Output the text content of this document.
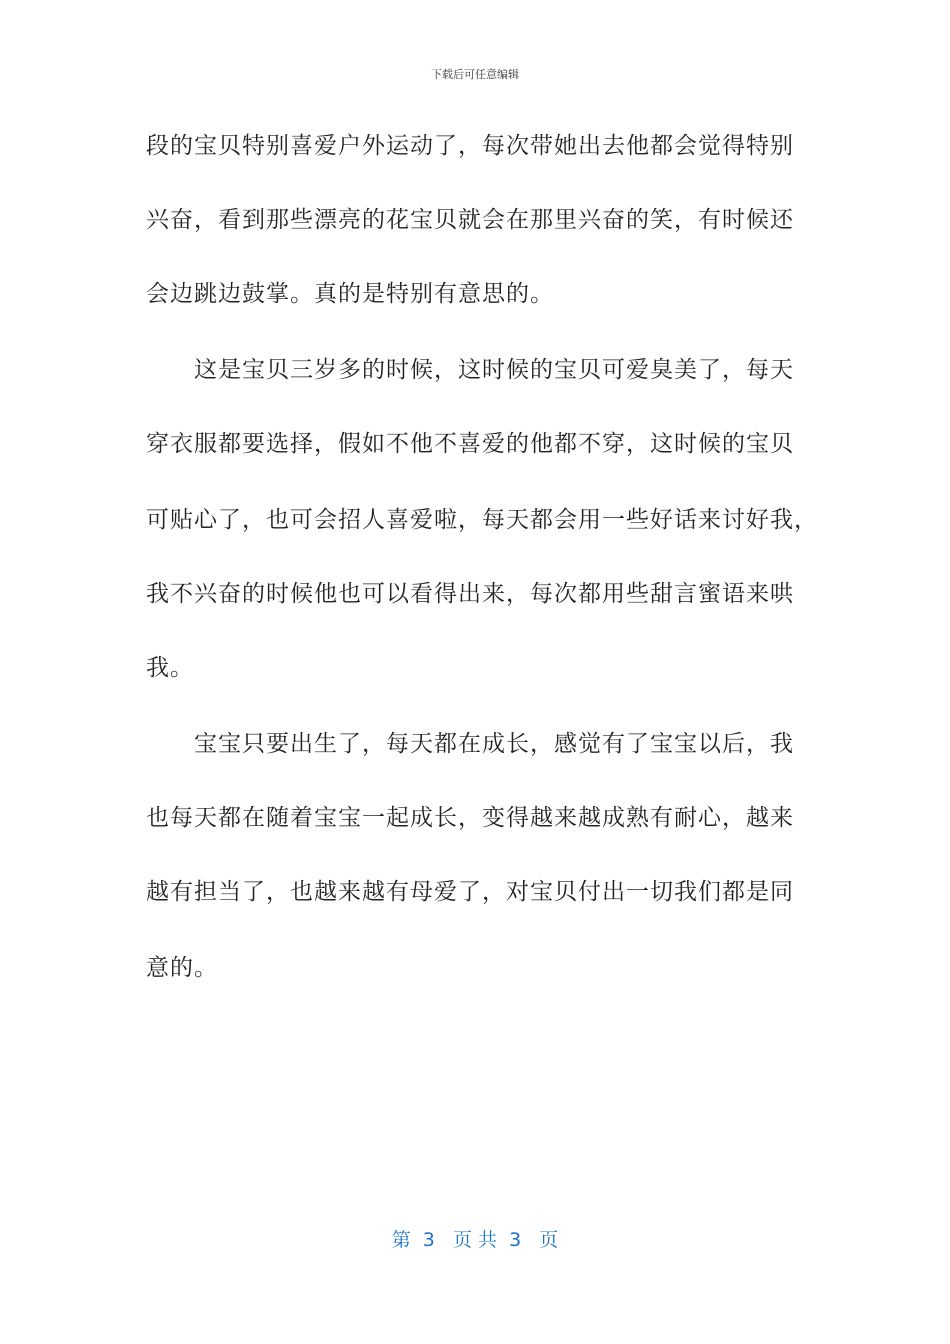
下载后可任意编辑
段的宝贝特别喜爱户外运动了，每次带她出去他都会觉得特别
兴奋，看到那些漂亮的花宝贝就会在那里兴奋的笑，有时候还
会边跳边鼓掌。真的是特别有意思的。
这是宝贝三岁多的时候，这时候的宝贝可爱臭美了，每天
穿衣服都要选择，假如不他不喜爱的他都不穿，这时候的宝贝
可贴心了，也可会招人喜爱啦，每天都会用一些好话来讨好我，
我不兴奋的时候他也可以看得出来，每次都用些甜言蜜语来哄
我。
宝宝只要出生了，每天都在成长，感觉有了宝宝以后，我
也每天都在随着宝宝一起成长，变得越来越成熟有耐心，越来
越有担当了，也越来越有母爱了，对宝贝付出一切我们都是同
意的。
第  3   页 共  3   页
